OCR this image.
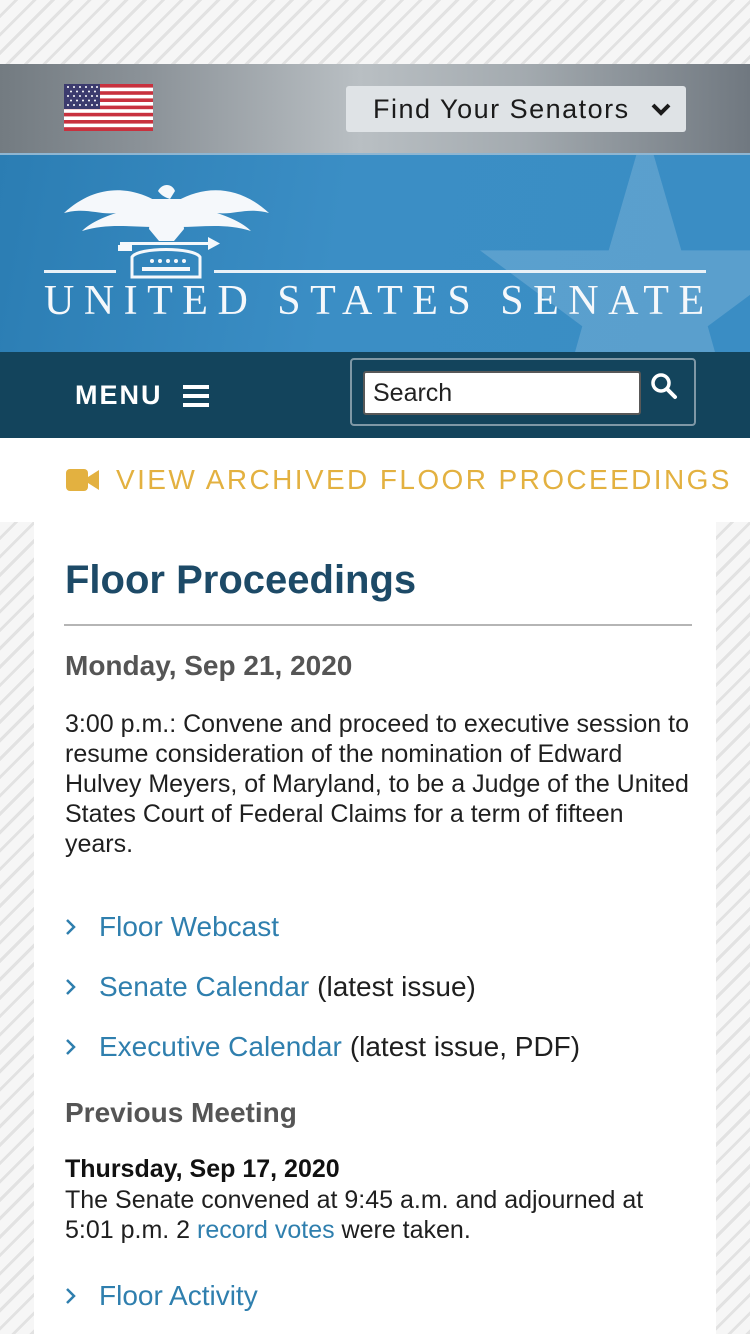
Find Your Senators
UNITED STATES SENATE
MENU
Search
VIEW ARCHIVED FLOOR PROCEEDINGS
Floor Proceedings
Monday, Sep 21, 2020

3:00 p.m.: Convene and proceed to executive session to resume consideration of the nomination of Edward Hulvey Meyers, of Maryland, to be a Judge of the United States Court of Federal Claims for a term of fifteen years.

Floor Webcast
Senate Calendar (latest issue)
Executive Calendar (latest issue, PDF)
Previous Meeting
Thursday, Sep 17, 2020

The Senate convened at 9:45 a.m. and adjourned at 5:01 p.m. 2 record votes were taken.

Floor Activity
